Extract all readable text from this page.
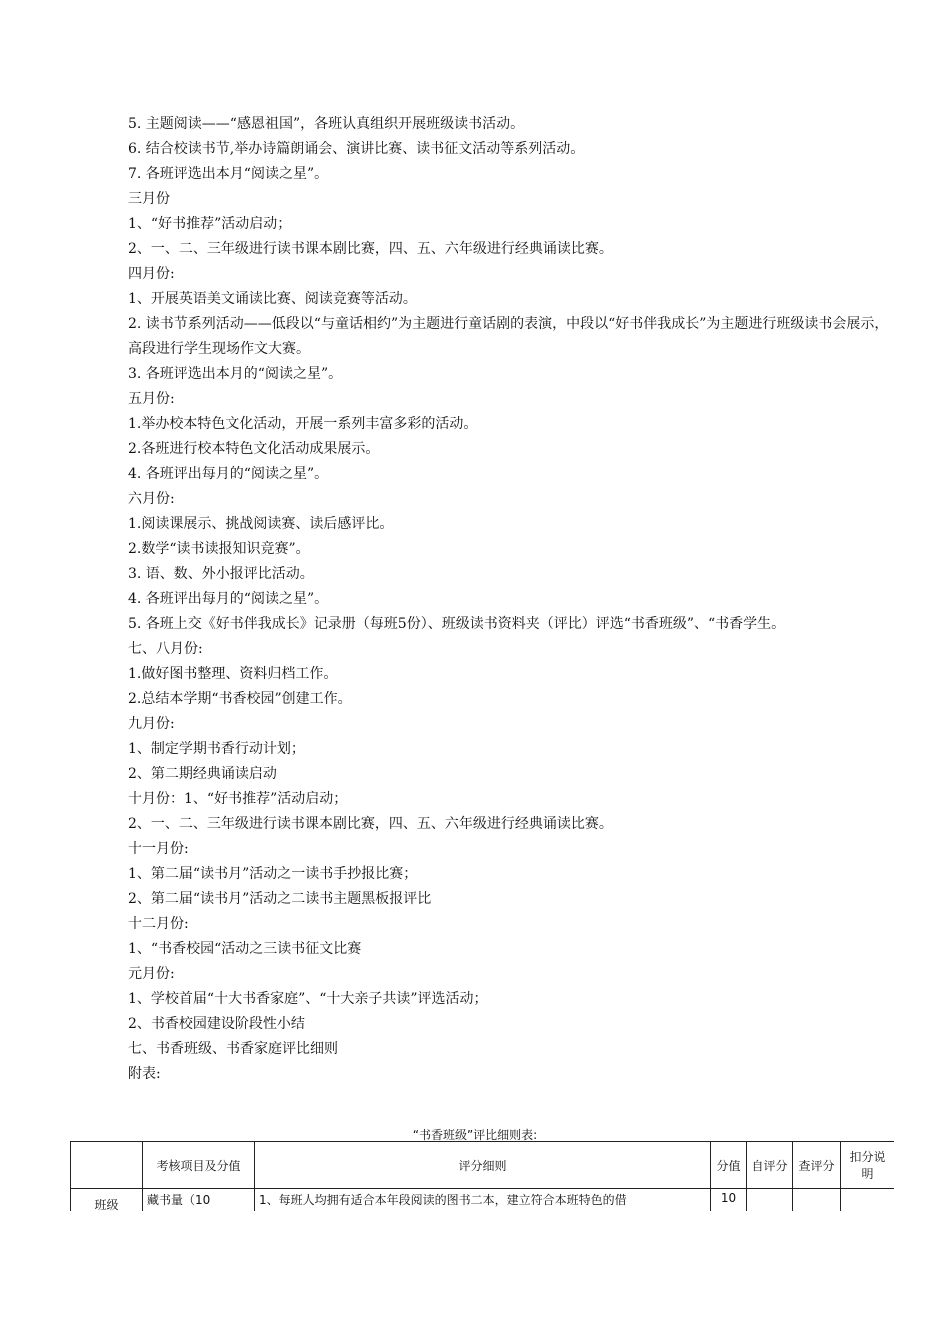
5. 主题阅读——“感恩祖国”，各班认真组织开展班级读书活动。
6. 结合校读书节,举办诗篇朗诵会、演讲比赛、读书征文活动等系列活动。
7. 各班评选出本月“阅读之星”。
三月份
1、“好书推荐”活动启动；
2、一、二、三年级进行读书课本剧比赛，四、五、六年级进行经典诵读比赛。
四月份:
1、开展英语美文诵读比赛、阅读竞赛等活动。
2. 读书节系列活动——低段以“与童话相约”为主题进行童话剧的表演，中段以“好书伴我成长”为主题进行班级读书会展示，高段进行学生现场作文大赛。
3. 各班评选出本月的“阅读之星”。
五月份:
1.举办校本特色文化活动，开展一系列丰富多彩的活动。
2.各班进行校本特色文化活动成果展示。
4. 各班评出每月的“阅读之星”。
六月份:
1.阅读课展示、挑战阅读赛、读后感评比。
2.数学“读书读报知识竞赛”。
3. 语、数、外小报评比活动。
4. 各班评出每月的“阅读之星”。
5. 各班上交《好书伴我成长》记录册（每班5份）、班级读书资料夹（评比）评选“书香班级”、“书香学生。
七、八月份:
1.做好图书整理、资料归档工作。
2.总结本学期“书香校园”创建工作。
九月份:
1、制定学期书香行动计划；
2、第二期经典诵读启动
十月份：1、“好书推荐”活动启动；
2、一、二、三年级进行读书课本剧比赛，四、五、六年级进行经典诵读比赛。
十一月份:
1、第二届“读书月”活动之一读书手抄报比赛；
2、第二届“读书月”活动之二读书主题黑板报评比
十二月份:
1、“书香校园“活动之三读书征文比赛
元月份:
1、学校首届“十大书香家庭”、“十大亲子共读”评选活动；
2、书香校园建设阶段性小结
七、书香班级、书香家庭评比细则
附表:
“书香班级”评比细则表:
	考核项目及分值	评分细则	分值	自评分	查评分	扣分说明
班级	藏书量（10	1、每班人均拥有适合本年段阅读的图书二本，建立符合本班特色的借	10			
